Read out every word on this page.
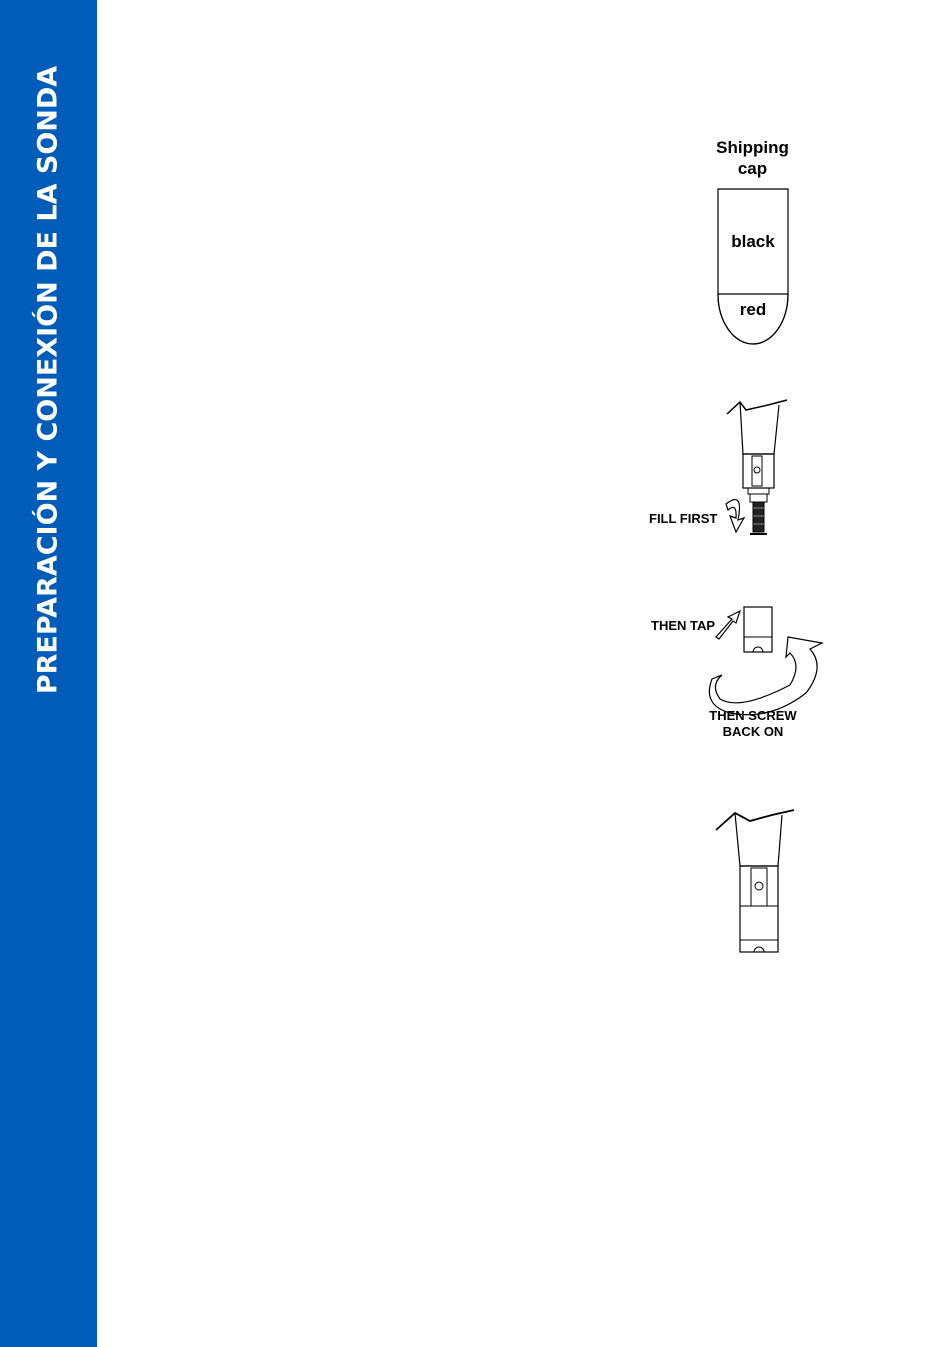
PREPARACIÓN Y CONEXIÓN DE LA SONDA	Shipping
cap
black
red
FILL FIRST
THEN TAP
THEN SCREW
BACK ON
